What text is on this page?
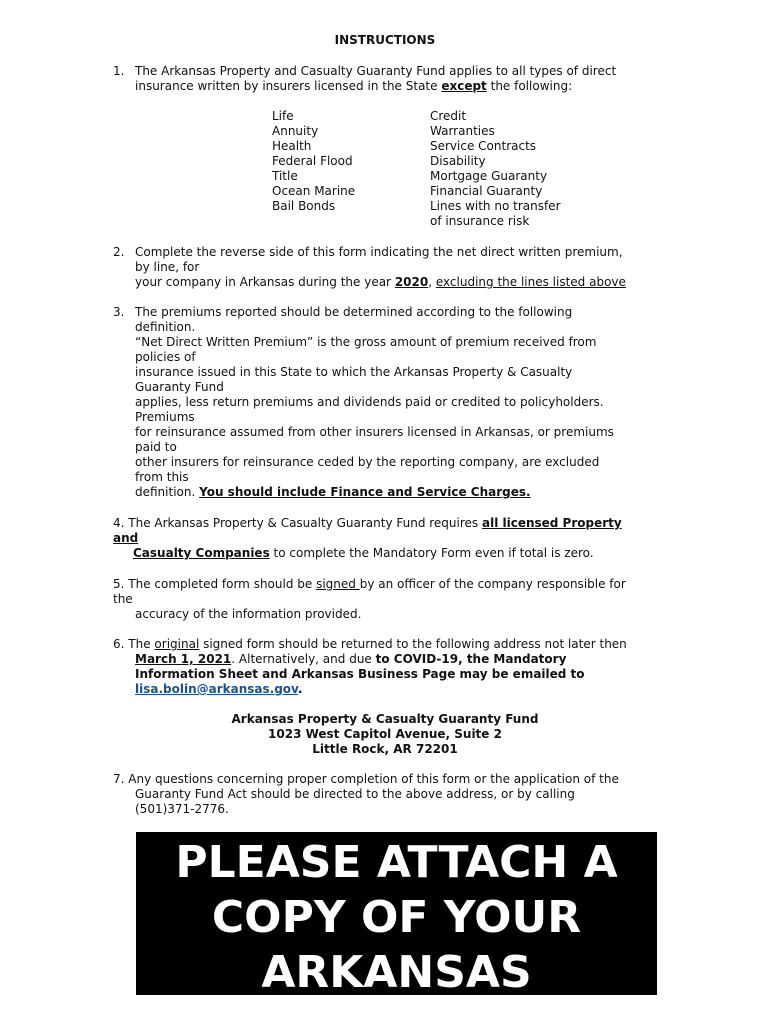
INSTRUCTIONS
1. The Arkansas Property and Casualty Guaranty Fund applies to all types of direct
insurance written by insurers licensed in the State except the following:
Life
Annuity
Health
Federal Flood
Title
Ocean Marine
Bail Bonds
Credit
Warranties
Service Contracts
Disability
Mortgage Guaranty
Financial Guaranty
Lines with no transfer
of insurance risk
2. Complete the reverse side of this form indicating the net direct written premium,
by line, for
your company in Arkansas during the year 2020, excluding the lines listed above
3. The premiums reported should be determined according to the following
definition.
“Net Direct Written Premium” is the gross amount of premium received from
policies of
insurance issued in this State to which the Arkansas Property & Casualty
Guaranty Fund
applies, less return premiums and dividends paid or credited to policyholders.
Premiums
for reinsurance assumed from other insurers licensed in Arkansas, or premiums
paid to
other insurers for reinsurance ceded by the reporting company, are excluded
from this
definition. You should include Finance and Service Charges.
4. The Arkansas Property & Casualty Guaranty Fund requires all licensed Property
and
Casualty Companies to complete the Mandatory Form even if total is zero.
5. The completed form should be signed by an officer of the company responsible for
the
accuracy of the information provided.
6. The original signed form should be returned to the following address not later then
March 1, 2021. Alternatively, and due to COVID-19, the Mandatory
Information Sheet and Arkansas Business Page may be emailed to
lisa.bolin@arkansas.gov.
Arkansas Property & Casualty Guaranty Fund
1023 West Capitol Avenue, Suite 2
Little Rock, AR 72201
7. Any questions concerning proper completion of this form or the application of the
Guaranty Fund Act should be directed to the above address, or by calling
(501)371-2776.
PLEASE ATTACH A
COPY OF YOUR
ARKANSAS
